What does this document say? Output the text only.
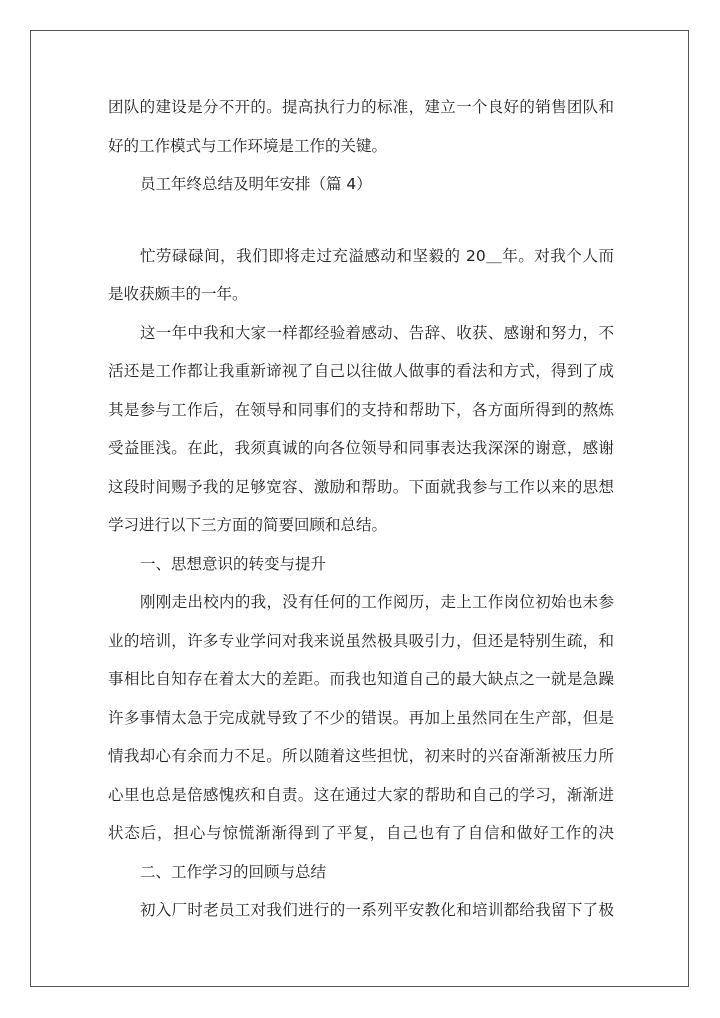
团队的建设是分不开的。提高执行力的标准，建立一个良好的销售团队和
好的工作模式与工作环境是工作的关键。
员工年终总结及明年安排（篇 4）
忙劳碌碌间，我们即将走过充溢感动和坚毅的 20＿年。对我个人而
是收获颇丰的一年。
这一年中我和大家一样都经验着感动、告辞、收获、感谢和努力，不
活还是工作都让我重新谛视了自己以往做人做事的看法和方式，得到了成
其是参与工作后，在领导和同事们的支持和帮助下，各方面所得到的熬炼
受益匪浅。在此，我须真诚的向各位领导和同事表达我深深的谢意，感谢
这段时间赐予我的足够宽容、激励和帮助。下面就我参与工作以来的思想
学习进行以下三方面的简要回顾和总结。
一、思想意识的转变与提升
刚刚走出校内的我，没有任何的工作阅历，走上工作岗位初始也未参
业的培训，许多专业学问对我来说虽然极具吸引力，但还是特别生疏，和
事相比自知存在着太大的差距。而我也知道自己的最大缺点之一就是急躁
许多事情太急于完成就导致了不少的错误。再加上虽然同在生产部，但是
情我却心有余而力不足。所以随着这些担忧，初来时的兴奋渐渐被压力所
心里也总是倍感愧疚和自责。这在通过大家的帮助和自己的学习，渐渐进
状态后，担心与惊慌渐渐得到了平复，自己也有了自信和做好工作的决
二、工作学习的回顾与总结
初入厂时老员工对我们进行的一系列平安教化和培训都给我留下了极
